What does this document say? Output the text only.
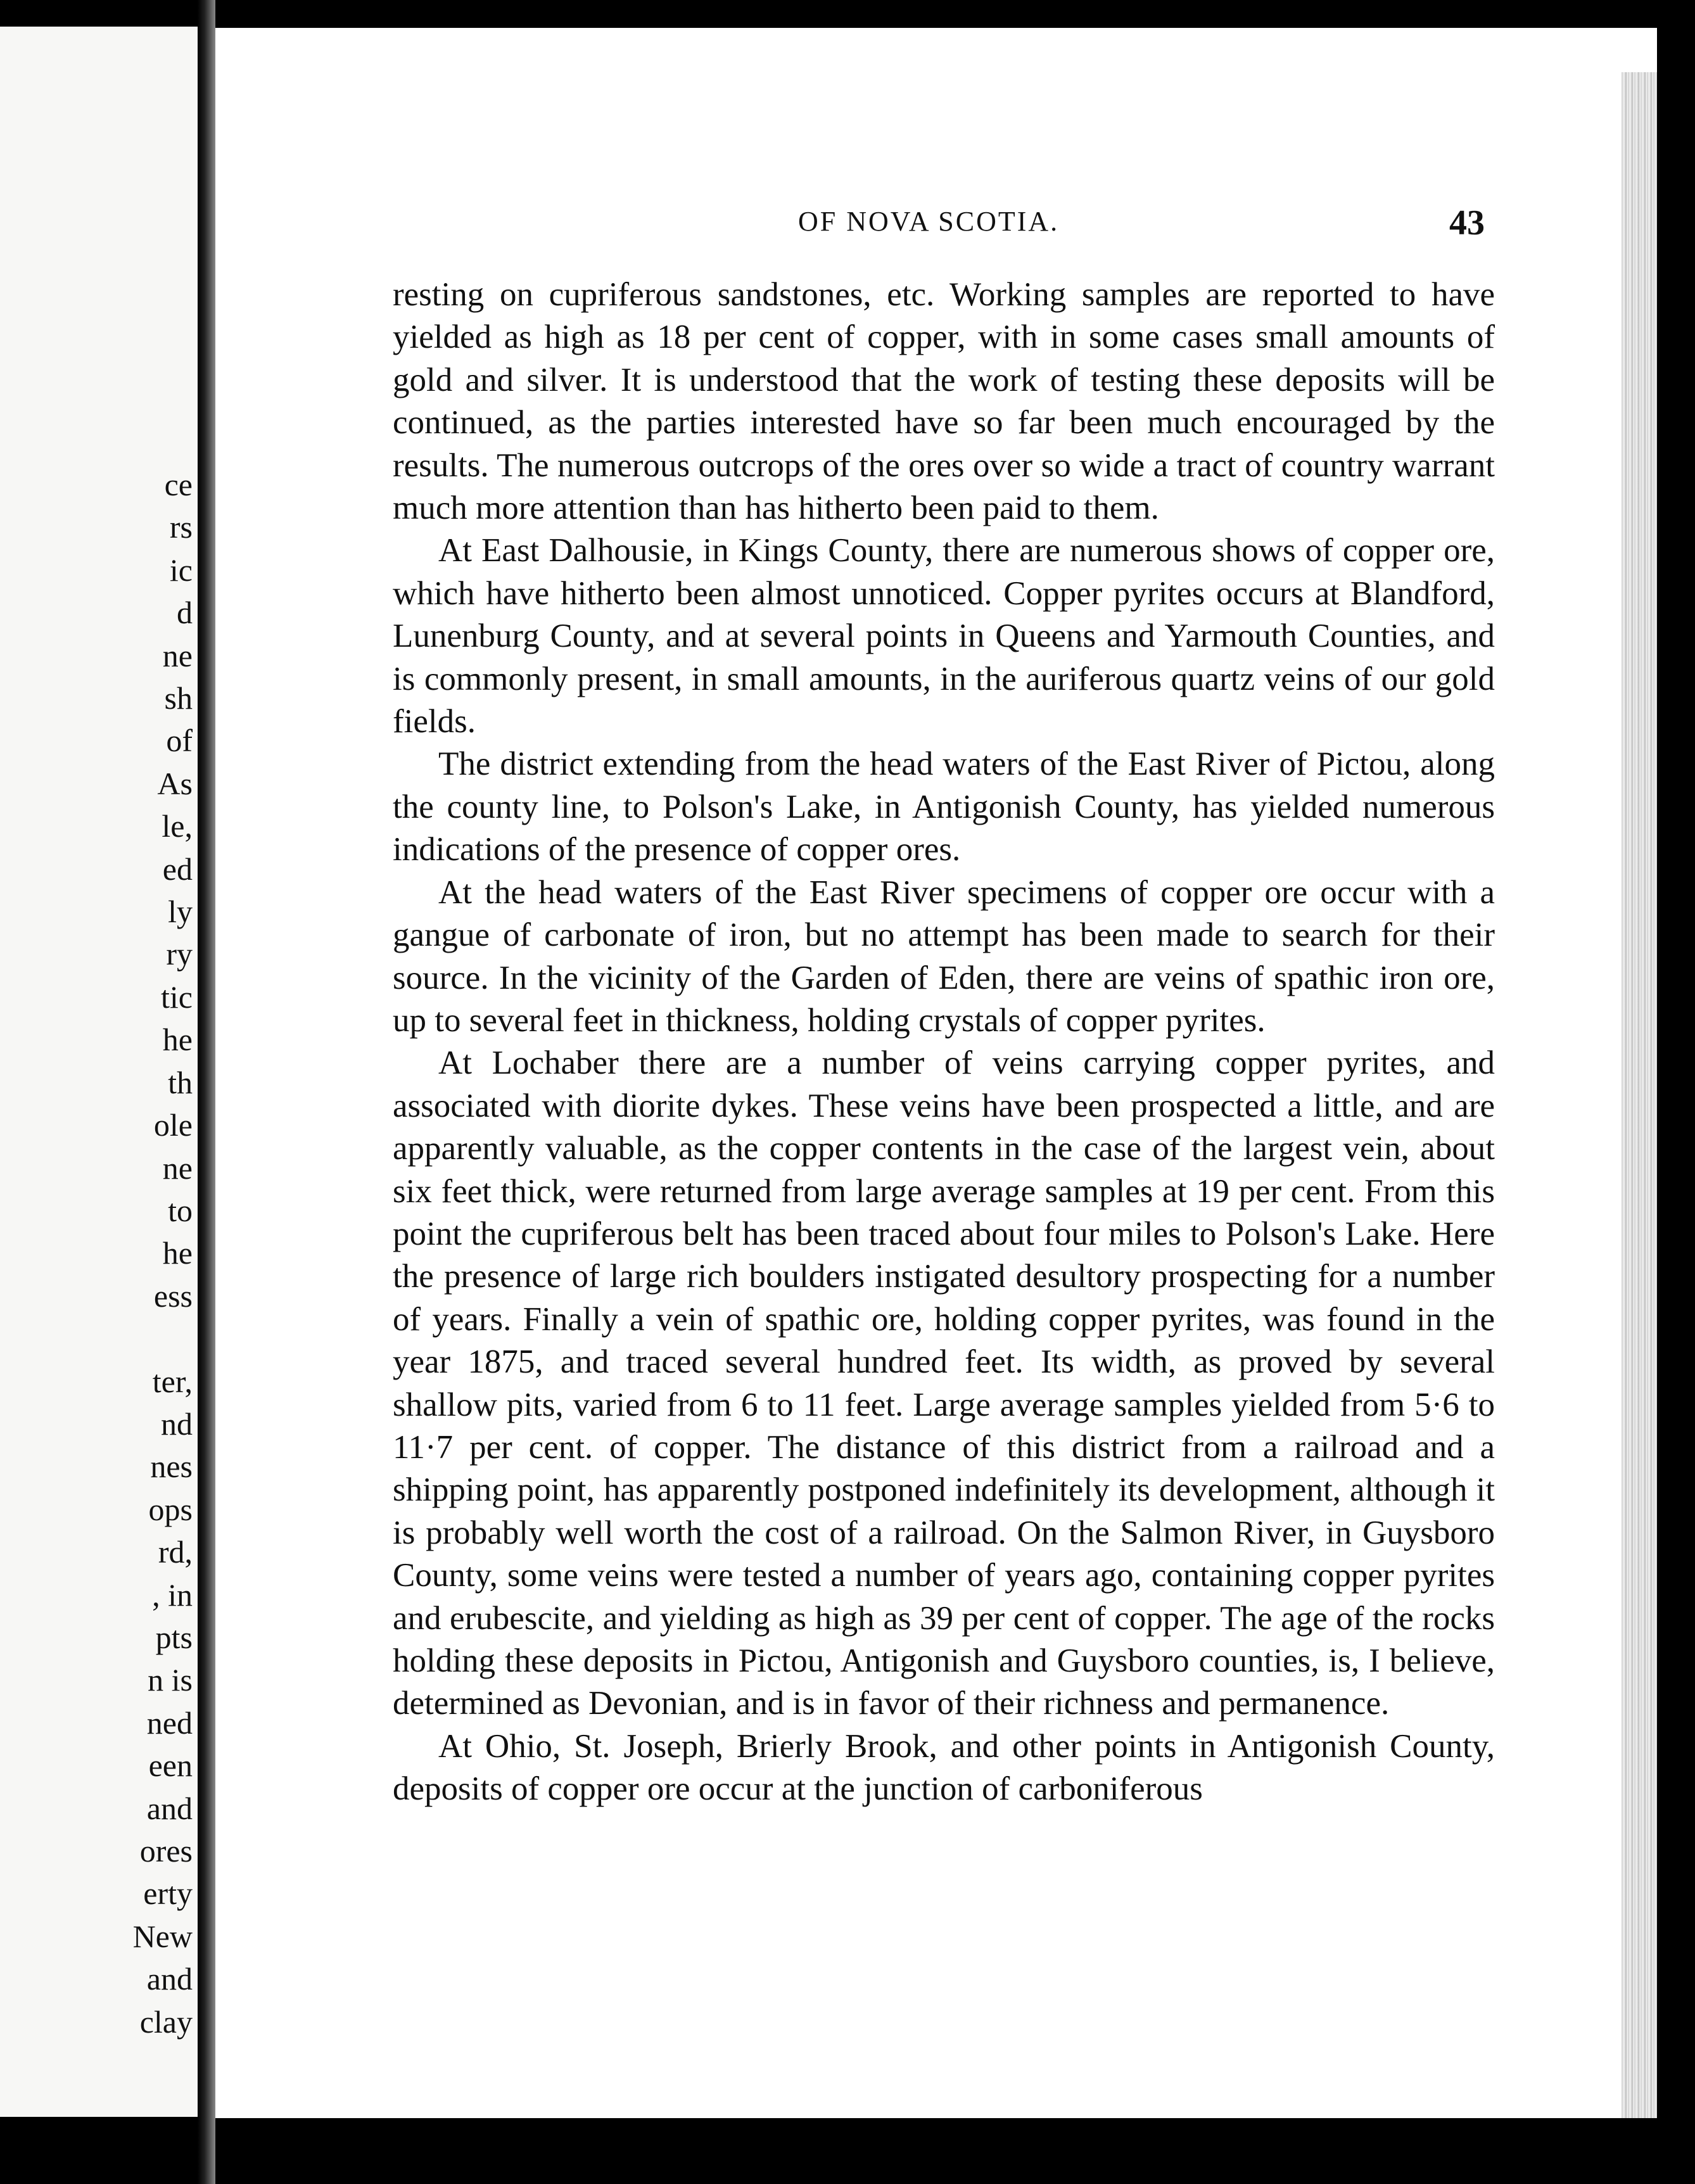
ce
rs
ic
d
ne
sh
of
As
le,
ed
ly
ry
tic
he
th
ole
ne
to
he
ess

ter,
nd
nes
ops
rd,
, in
pts
n is
ned
een
and
ores
erty
New
and
clay
OF NOVA SCOTIA.	43

resting on cupriferous sandstones, etc. Working samples are reported to have yielded as high as 18 per cent of copper, with in some cases small amounts of gold and silver. It is understood that the work of testing these deposits will be continued, as the parties interested have so far been much encouraged by the results. The numerous outcrops of the ores over so wide a tract of country warrant much more attention than has hitherto been paid to them.

At East Dalhousie, in Kings County, there are numerous shows of copper ore, which have hitherto been almost unnoticed. Copper pyrites occurs at Blandford, Lunenburg County, and at several points in Queens and Yarmouth Counties, and is commonly present, in small amounts, in the auriferous quartz veins of our gold fields.

The district extending from the head waters of the East River of Pictou, along the county line, to Polson's Lake, in Antigonish County, has yielded numerous indications of the presence of copper ores.

At the head waters of the East River specimens of copper ore occur with a gangue of carbonate of iron, but no attempt has been made to search for their source. In the vicinity of the Garden of Eden, there are veins of spathic iron ore, up to several feet in thickness, holding crystals of copper pyrites.

At Lochaber there are a number of veins carrying copper pyrites, and associated with diorite dykes. These veins have been prospected a little, and are apparently valuable, as the copper contents in the case of the largest vein, about six feet thick, were returned from large average samples at 19 per cent. From this point the cupriferous belt has been traced about four miles to Polson's Lake. Here the presence of large rich boulders instigated desultory prospecting for a number of years. Finally a vein of spathic ore, holding copper pyrites, was found in the year 1875, and traced several hundred feet. Its width, as proved by several shallow pits, varied from 6 to 11 feet. Large average samples yielded from 5·6 to 11·7 per cent. of copper. The distance of this district from a railroad and a shipping point, has apparently postponed indefinitely its development, although it is probably well worth the cost of a railroad. On the Salmon River, in Guysboro County, some veins were tested a number of years ago, containing copper pyrites and erubescite, and yielding as high as 39 per cent of copper. The age of the rocks holding these deposits in Pictou, Antigonish and Guysboro counties, is, I believe, determined as Devonian, and is in favor of their richness and permanence.

At Ohio, St. Joseph, Brierly Brook, and other points in Antigonish County, deposits of copper ore occur at the junction of carboniferous
